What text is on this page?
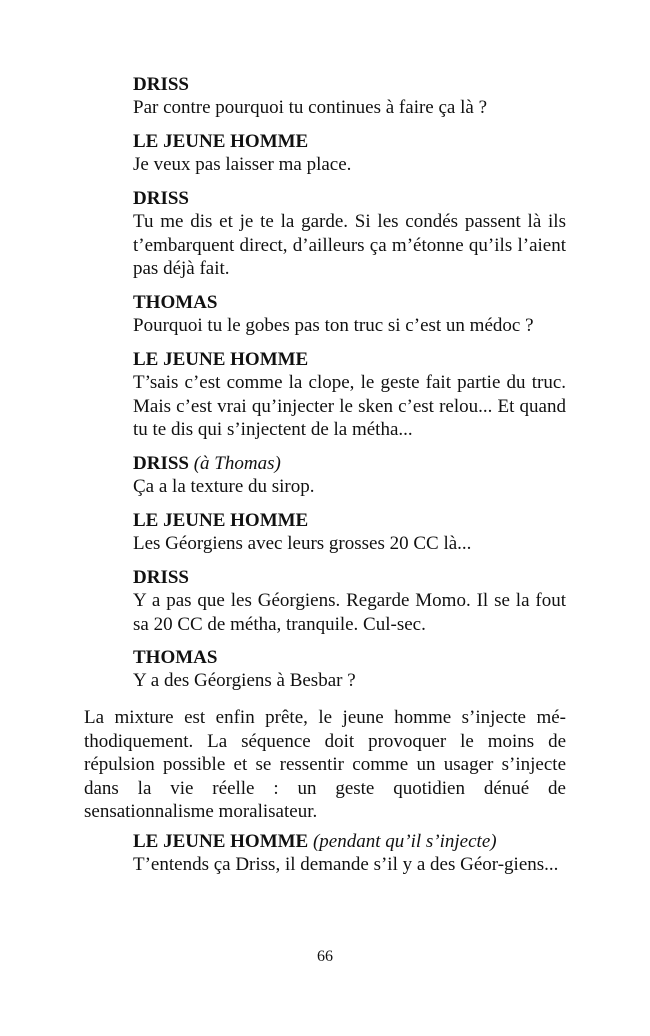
DRISS
Par contre pourquoi tu continues à faire ça là ?
LE JEUNE HOMME
Je veux pas laisser ma place.
DRISS
Tu me dis et je te la garde. Si les condés passent là ils t’embarquent direct, d’ailleurs ça m’étonne qu’ils l’aient pas déjà fait.
THOMAS
Pourquoi tu le gobes pas ton truc si c’est un médoc ?
LE JEUNE HOMME
T’sais c’est comme la clope, le geste fait partie du truc. Mais c’est vrai qu’injecter le sken c’est relou... Et quand tu te dis qui s’injectent de la métha...
DRISS (à Thomas)
Ça a la texture du sirop.
LE JEUNE HOMME
Les Géorgiens avec leurs grosses 20 CC là...
DRISS
Y a pas que les Géorgiens. Regarde Momo. Il se la fout sa 20 CC de métha, tranquile. Cul-sec.
THOMAS
Y a des Géorgiens à Besbar ?
La mixture est enfin prête, le jeune homme s’injecte mé-thodiquement. La séquence doit provoquer le moins de répulsion possible et se ressentir comme un usager s’injecte dans la vie réelle : un geste quotidien dénué de sensationnalisme moralisateur.
LE JEUNE HOMME (pendant qu’il s’injecte)
T’entends ça Driss, il demande s’il y a des Géor-giens...
66
